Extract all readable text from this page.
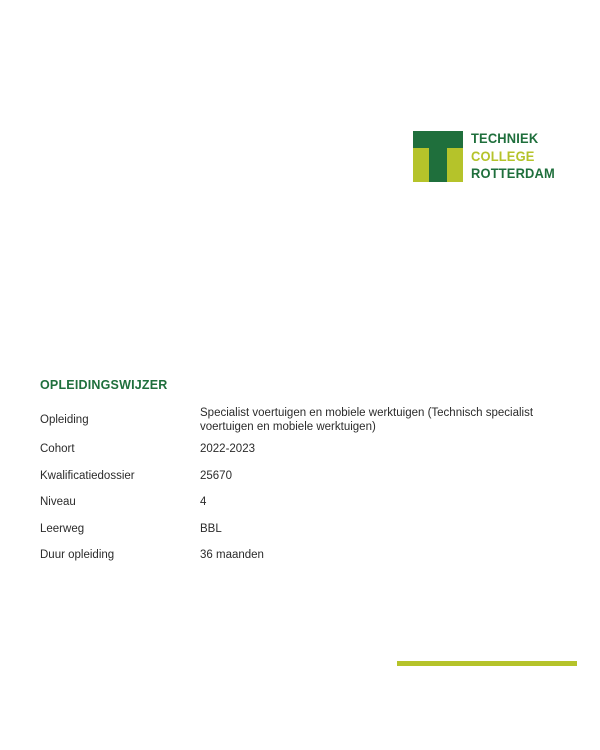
TECHNIEK
COLLEGE
ROTTERDAM
OPLEIDINGSWIJZER
Opleiding	Specialist voertuigen en mobiele werktuigen (Technisch specialist voertuigen en mobiele werktuigen)
Cohort	2022-2023
Kwalificatiedossier	25670
Niveau	4
Leerweg	BBL
Duur opleiding	36 maanden
